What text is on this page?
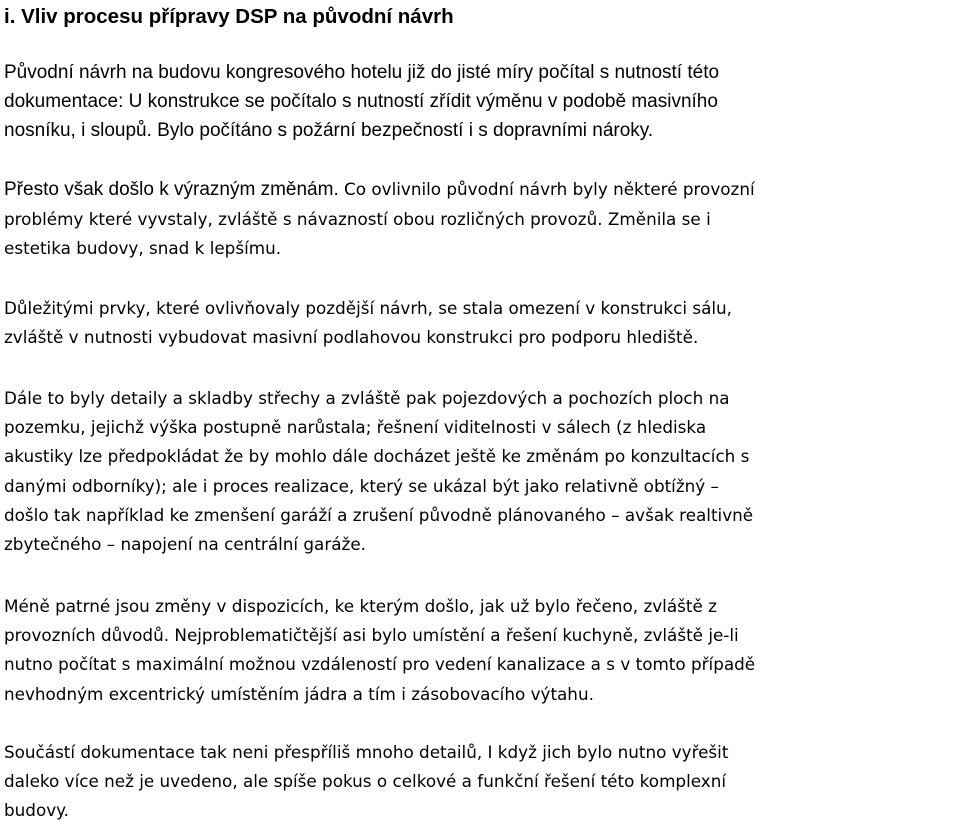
i. Vliv procesu přípravy DSP na původní návrh

Původní návrh na budovu kongresového hotelu již do jisté míry počítal s nutností této
dokumentace: U konstrukce se počítalo s nutností zřídit výměnu v podobě masivního
nosníku, i sloupů. Bylo počítáno s požární bezpečností i s dopravními nároky.

Přesto však došlo k výrazným změnám. Co ovlivnilo původní návrh byly některé provozní
problémy které vyvstaly, zvláště s návazností obou rozličných provozů. Změnila se i
estetika budovy, snad k lepšímu.

Důležitými prvky, které ovlivňovaly pozdější návrh, se stala omezení v konstrukci sálu,
zvláště v nutnosti vybudovat masivní podlahovou konstrukci pro podporu hlediště.

Dále to byly detaily a skladby střechy a zvláště pak pojezdových a pochozích ploch na
pozemku, jejichž výška postupně narůstala; řešnení viditelnosti v sálech (z hlediska
akustiky lze předpokládat že by mohlo dále docházet ještě ke změnám po konzultacích s
danými odborníky); ale i proces realizace, který se ukázal být jako relativně obtížný –
došlo tak například ke zmenšení garáží a zrušení původně plánovaného – avšak realtivně
zbytečného – napojení na centrální garáže.

Méně patrné jsou změny v dispozicích, ke kterým došlo, jak už bylo řečeno, zvláště z
provozních důvodů. Nejproblematičtější asi bylo umístění a řešení kuchyně, zvláště je-li
nutno počítat s maximální možnou vzdáleností pro vedení kanalizace a s v tomto případě
nevhodným excentrický umístěním jádra a tím i zásobovacího výtahu.

Součástí dokumentace tak neni přespříliš mnoho detailů, I když jich bylo nutno vyřešit
daleko více než je uvedeno, ale spíše pokus o celkové a funkční řešení této komplexní
budovy.
